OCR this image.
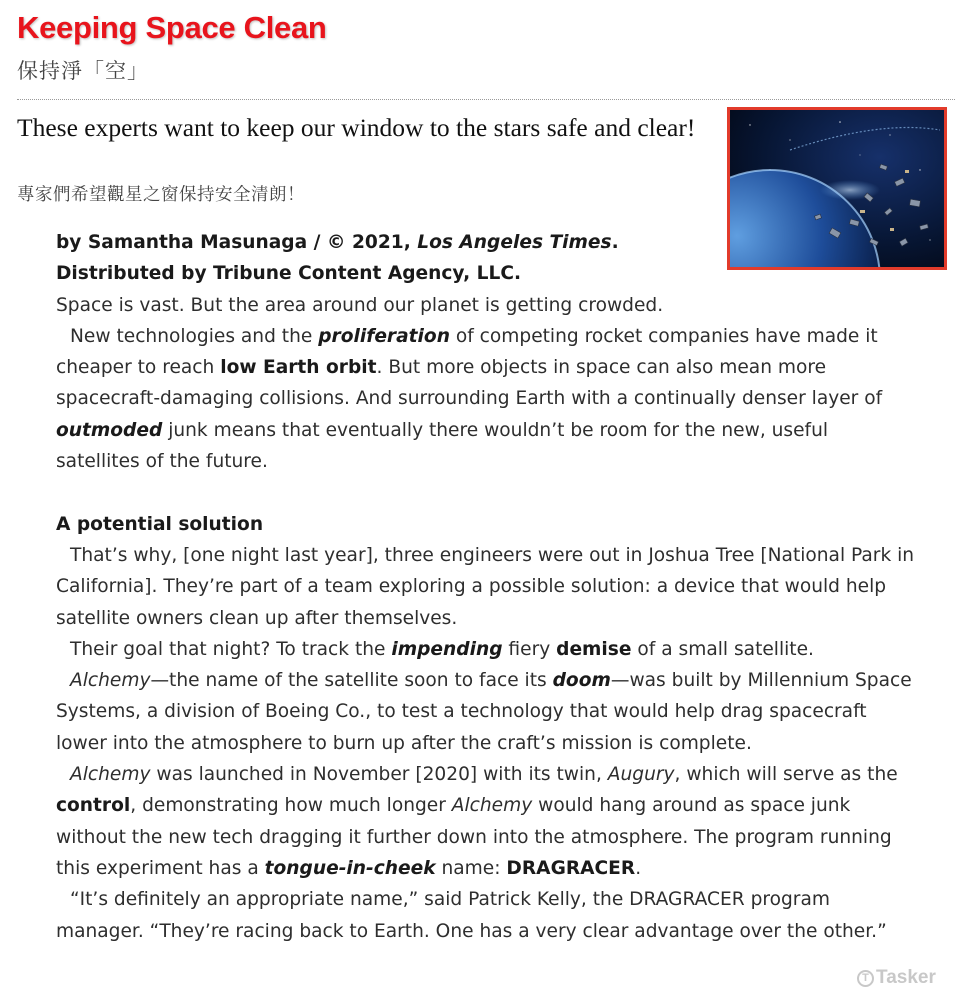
Keeping Space Clean
保持淨「空」
These experts want to keep our window to the stars safe and clear!
專家們希望觀星之窗保持安全清朗！

by Samantha Masunaga / © 2021, Los Angeles Times.

Distributed by Tribune Content Agency, LLC.

Space is vast. But the area around our planet is getting crowded.

New technologies and the proliferation of competing rocket companies have made it cheaper to reach low Earth orbit. But more objects in space can also mean more spacecraft-damaging collisions. And surrounding Earth with a continually denser layer of outmoded junk means that eventually there wouldn’t be room for the new, useful satellites of the future.

A potential solution

That’s why, [one night last year], three engineers were out in Joshua Tree [National Park in California]. They’re part of a team exploring a possible solution: a device that would help satellite owners clean up after themselves.

Their goal that night? To track the impending fiery demise of a small satellite.

Alchemy—the name of the satellite soon to face its doom—was built by Millennium Space Systems, a division of Boeing Co., to test a technology that would help drag spacecraft lower into the atmosphere to burn up after the craft’s mission is complete.

Alchemy was launched in November [2020] with its twin, Augury, which will serve as the control, demonstrating how much longer Alchemy would hang around as space junk without the new tech dragging it further down into the atmosphere. The program running this experiment has a tongue-in-cheek name: DRAGRACER.

“It’s definitely an appropriate name,” said Patrick Kelly, the DRAGRACER program manager. “They’re racing back to Earth. One has a very clear advantage over the other.”

T Tasker
